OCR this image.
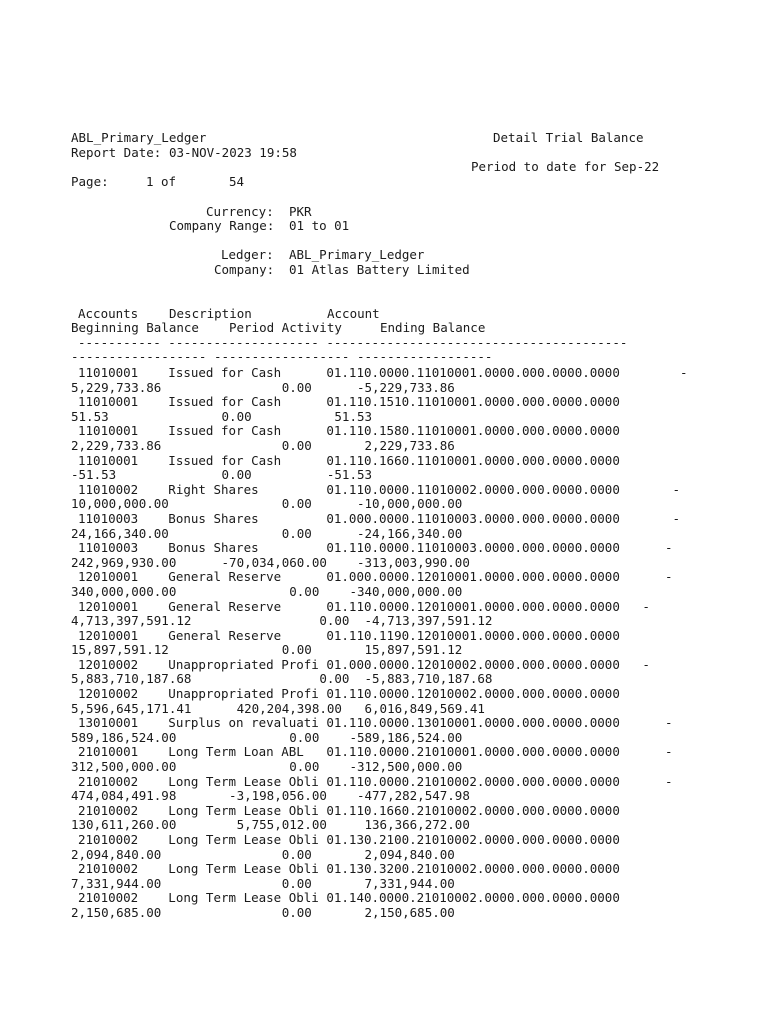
ABL_Primary_Ledger	Detail Trial Balance
Report Date: 03-NOV-2023 19:58
Period to date for Sep-22
Page:	1 of	54
Currency: PKR
Company Range: 01 to 01
Ledger: ABL_Primary_Ledger
Company: 01 Atlas Battery Limited
Accounts Description	Account
Beginning Balance Period Activity	Ending Balance
----------- -------------------- ----------------------------------------
------------------ ------------------ ------------------
11010001    Issued for Cash      01.110.0000.11010001.0000.000.0000.0000        -
5,229,733.86                0.00      -5,229,733.86
11010001    Issued for Cash      01.110.1510.11010001.0000.000.0000.0000
51.53               0.00           51.53
11010001    Issued for Cash      01.110.1580.11010001.0000.000.0000.0000
2,229,733.86                0.00       2,229,733.86
11010001    Issued for Cash      01.110.1660.11010001.0000.000.0000.0000
-51.53              0.00          -51.53
11010002    Right Shares         01.110.0000.11010002.0000.000.0000.0000       -
10,000,000.00               0.00      -10,000,000.00
11010003    Bonus Shares         01.000.0000.11010003.0000.000.0000.0000       -
24,166,340.00               0.00      -24,166,340.00
11010003    Bonus Shares         01.110.0000.11010003.0000.000.0000.0000      -
242,969,930.00      -70,034,060.00    -313,003,990.00
12010001    General Reserve      01.000.0000.12010001.0000.000.0000.0000      -
340,000,000.00               0.00    -340,000,000.00
12010001    General Reserve      01.110.0000.12010001.0000.000.0000.0000   -
4,713,397,591.12                 0.00  -4,713,397,591.12
12010001    General Reserve      01.110.1190.12010001.0000.000.0000.0000
15,897,591.12               0.00       15,897,591.12
12010002    Unappropriated Profi 01.000.0000.12010002.0000.000.0000.0000   -
5,883,710,187.68                 0.00  -5,883,710,187.68
12010002    Unappropriated Profi 01.110.0000.12010002.0000.000.0000.0000
5,596,645,171.41      420,204,398.00   6,016,849,569.41
13010001    Surplus on revaluati 01.110.0000.13010001.0000.000.0000.0000      -
589,186,524.00               0.00    -589,186,524.00
21010001    Long Term Loan ABL   01.110.0000.21010001.0000.000.0000.0000      -
312,500,000.00               0.00    -312,500,000.00
21010002    Long Term Lease Obli 01.110.0000.21010002.0000.000.0000.0000      -
474,084,491.98       -3,198,056.00    -477,282,547.98
21010002    Long Term Lease Obli 01.110.1660.21010002.0000.000.0000.0000
130,611,260.00        5,755,012.00     136,366,272.00
21010002    Long Term Lease Obli 01.130.2100.21010002.0000.000.0000.0000
2,094,840.00                0.00       2,094,840.00
21010002    Long Term Lease Obli 01.130.3200.21010002.0000.000.0000.0000
7,331,944.00                0.00       7,331,944.00
21010002    Long Term Lease Obli 01.140.0000.21010002.0000.000.0000.0000
2,150,685.00                0.00       2,150,685.00
